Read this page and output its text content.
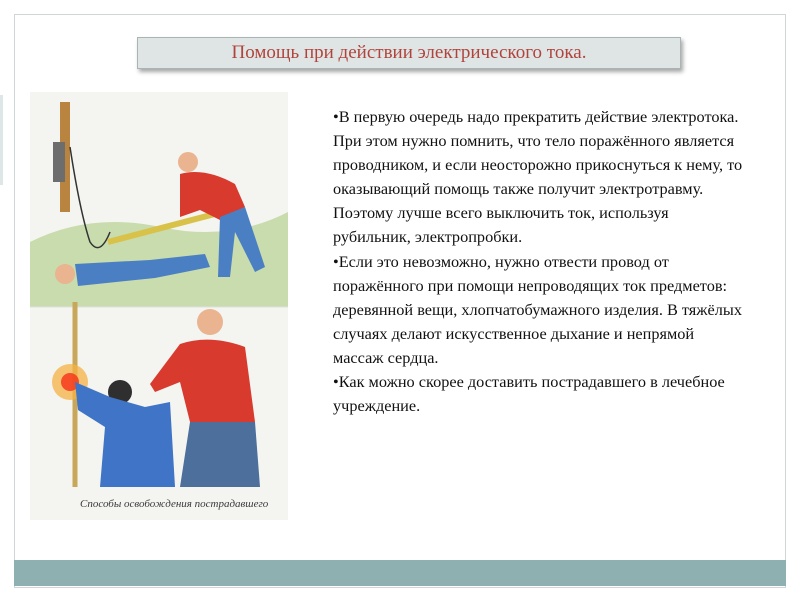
Помощь при действии электрического тока.
Способы освобождения пострадавшего

•В первую очередь надо прекратить действие электротока. При этом нужно помнить, что тело поражённого является проводником, и если неосторожно прикоснуться к нему, то оказывающий помощь также получит электротравму. Поэтому лучше всего выключить ток, используя рубильник, электропробки.

•Если это невозможно, нужно отвести провод от поражённого при помощи непроводящих ток предметов: деревянной вещи, хлопчатобумажного изделия. В тяжёлых случаях делают искусственное дыхание и непрямой массаж сердца.

•Как можно скорее доставить пострадавшего в лечебное учреждение.
